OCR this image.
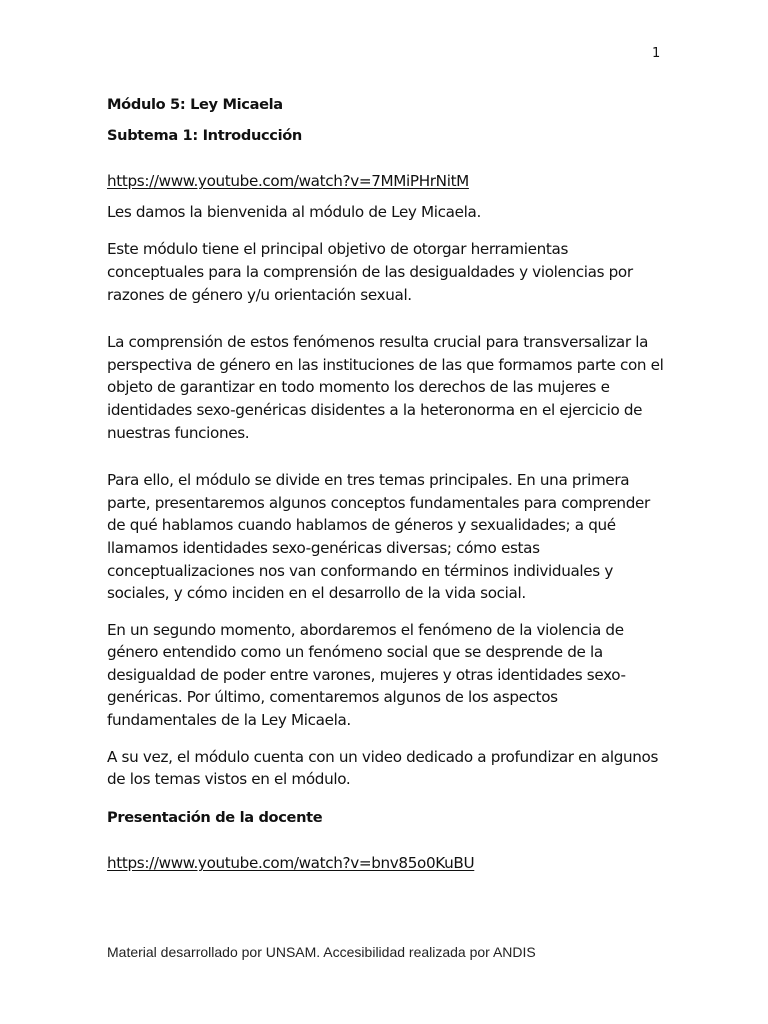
1

Módulo 5: Ley Micaela

Subtema 1: Introducción

https://www.youtube.com/watch?v=7MMiPHrNitM

Les damos la bienvenida al módulo de Ley Micaela.

Este módulo tiene el principal objetivo de otorgar herramientas conceptuales para la comprensión de las desigualdades y violencias por razones de género y/u orientación sexual.

La comprensión de estos fenómenos resulta crucial para transversalizar la perspectiva de género en las instituciones de las que formamos parte con el objeto de garantizar en todo momento los derechos de las mujeres e identidades sexo-genéricas disidentes a la heteronorma en el ejercicio de nuestras funciones.

Para ello, el módulo se divide en tres temas principales. En una primera parte, presentaremos algunos conceptos fundamentales para comprender de qué hablamos cuando hablamos de géneros y sexualidades; a qué llamamos identidades sexo-genéricas diversas; cómo estas conceptualizaciones nos van conformando en términos individuales y sociales, y cómo inciden en el desarrollo de la vida social.

En un segundo momento, abordaremos el fenómeno de la violencia de género entendido como un fenómeno social que se desprende de la desigualdad de poder entre varones, mujeres y otras identidades sexo-genéricas. Por último, comentaremos algunos de los aspectos fundamentales de la Ley Micaela.

A su vez, el módulo cuenta con un video dedicado a profundizar en algunos de los temas vistos en el módulo.

Presentación de la docente

https://www.youtube.com/watch?v=bnv85o0KuBU

Material desarrollado por UNSAM. Accesibilidad realizada por ANDIS
